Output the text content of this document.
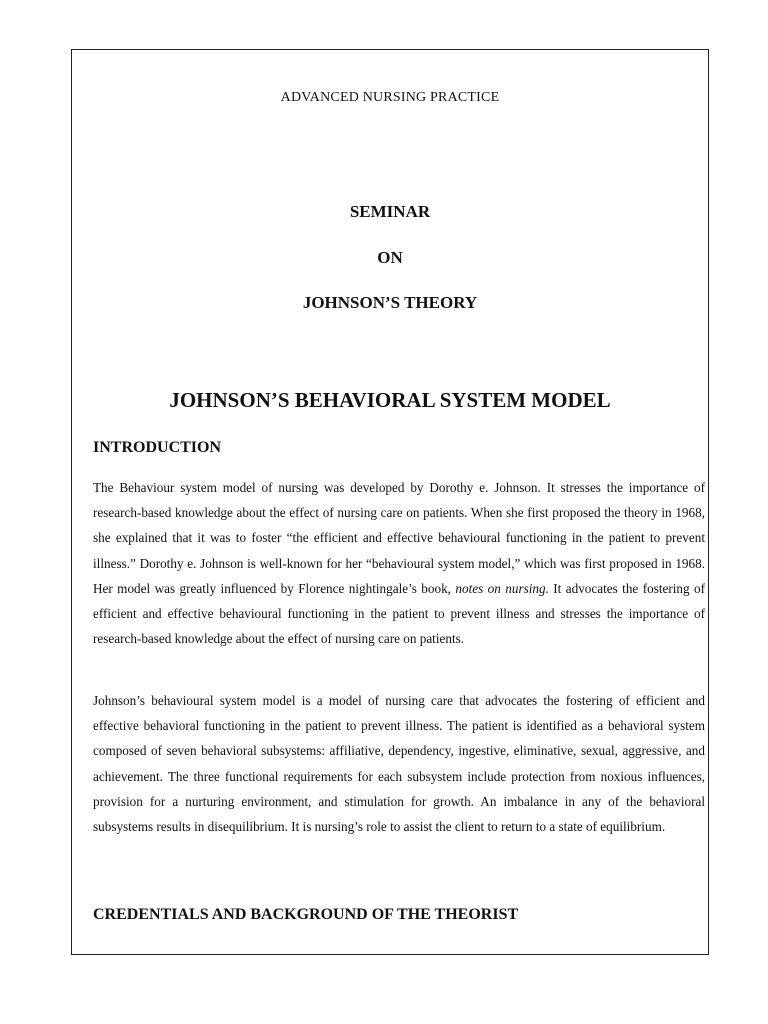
ADVANCED NURSING PRACTICE
SEMINAR
ON
JOHNSON’S THEORY
JOHNSON’S BEHAVIORAL SYSTEM MODEL
INTRODUCTION
The Behaviour system model of nursing was developed by Dorothy e. Johnson. It stresses the importance of research-based knowledge about the effect of nursing care on patients. When she first proposed the theory in 1968, she explained that it was to foster “the efficient and effective behavioural functioning in the patient to prevent illness.” Dorothy e. Johnson is well-known for her “behavioural system model,” which was first proposed in 1968. Her model was greatly influenced by Florence nightingale’s book, notes on nursing. It advocates the fostering of efficient and effective behavioural functioning in the patient to prevent illness and stresses the importance of research-based knowledge about the effect of nursing care on patients.
Johnson’s behavioural system model is a model of nursing care that advocates the fostering of efficient and effective behavioral functioning in the patient to prevent illness. The patient is identified as a behavioral system composed of seven behavioral subsystems: affiliative, dependency, ingestive, eliminative, sexual, aggressive, and achievement. The three functional requirements for each subsystem include protection from noxious influences, provision for a nurturing environment, and stimulation for growth. An imbalance in any of the behavioral subsystems results in disequilibrium. It is nursing’s role to assist the client to return to a state of equilibrium.
CREDENTIALS AND BACKGROUND OF THE THEORIST
